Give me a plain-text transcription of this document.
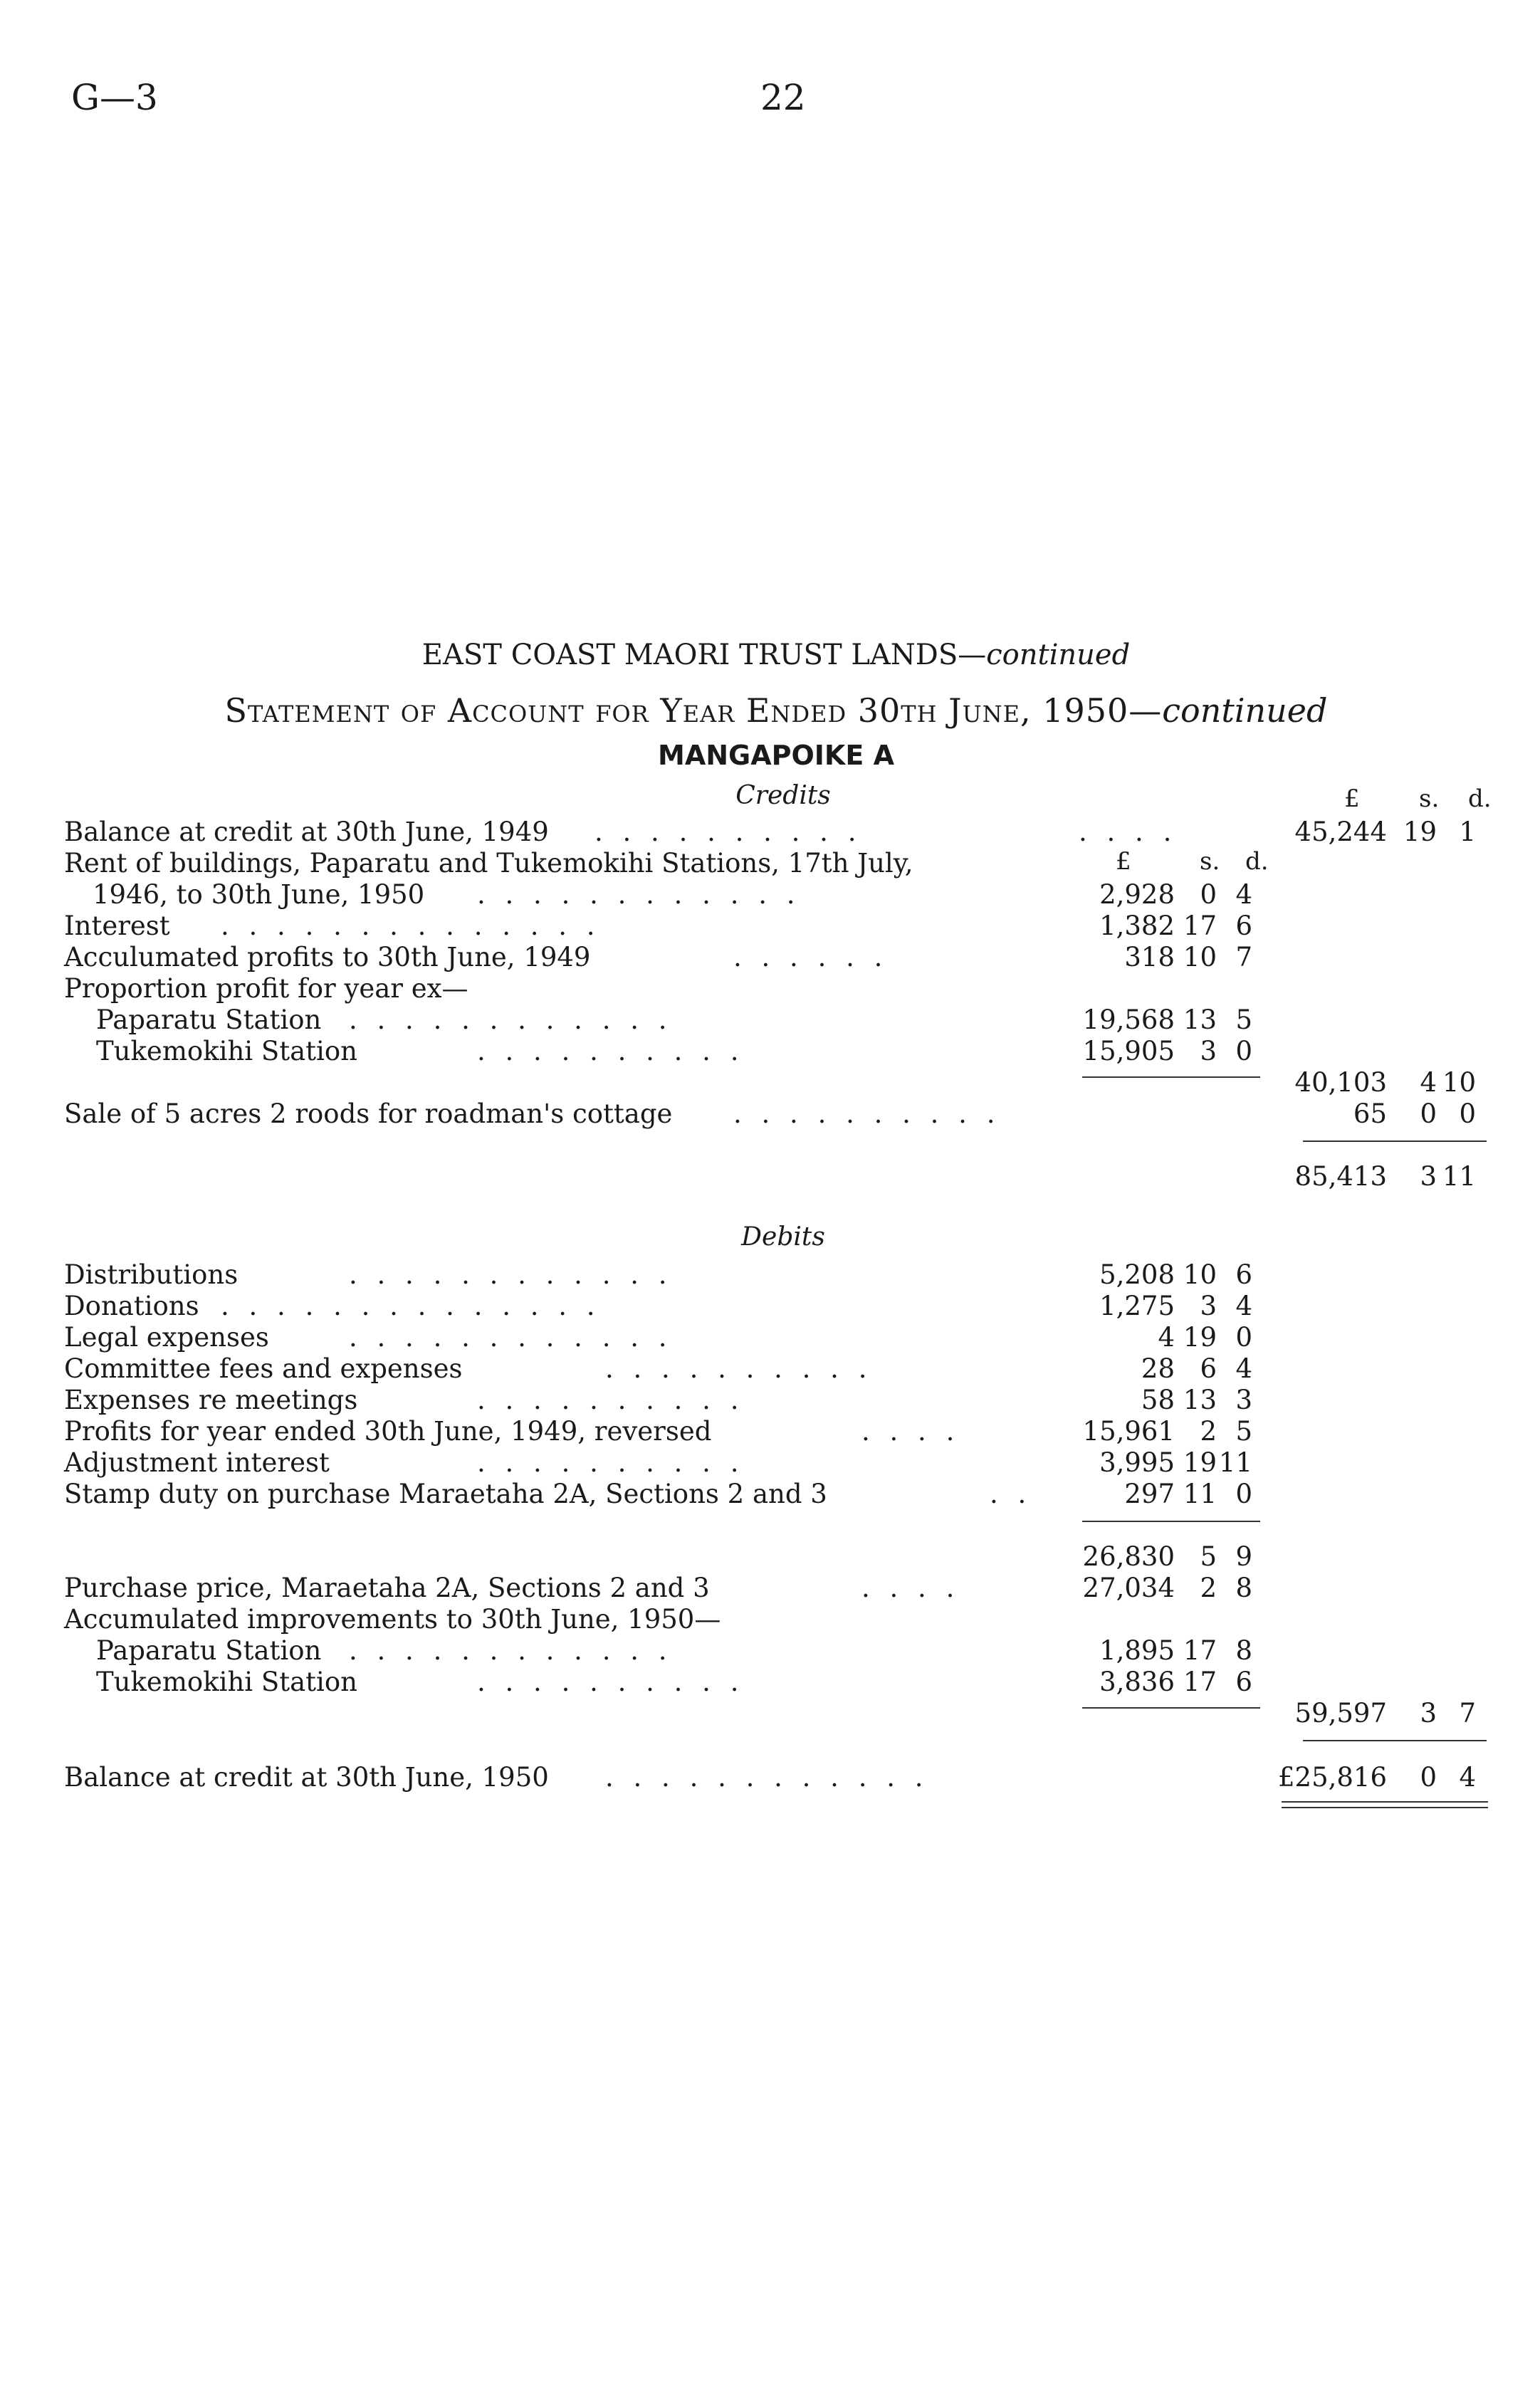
G—3	22
EAST COAST MAORI TRUST LANDS—continued
Statement of Account for Year Ended 30th June, 1950—continued
MANGAPOIKE A
Credits	£ s. d.
£	s. d.
Balance at credit at 30th June, 1949 . . . . . . . . . .	. . . .	45,244 19 1
Rent of buildings, Paparatu and Tukemokihi Stations, 17th July,
1946, to 30th June, 1950 . . . . . . . . . . . .	2,928 0 4
Interest . . . . . . . . . . . . . .	1,382 17 6
Acculumated profits to 30th June, 1949	. . . . . .	318 10 7
Proportion profit for year ex—
Paparatu Station . . . . . . . . . . . .	19,568 13 5
Tukemokihi Station	. . . . . . . . . .	15,905 3 0
40,103 4 10
Sale of 5 acres 2 roods for roadman's cottage . . . . . . . . . .	65 0 0
85,413 3 11
Debits
Distributions	. . . . . . . . . . . .	5,208 10 6
Donations . . . . . . . . . . . . . .	1,275 3 4
Legal expenses	. . . . . . . . . . . .	4 19 0
Committee fees and expenses	. . . . . . . . . .	28 6 4
Expenses re meetings	. . . . . . . . . .	58 13 3
Profits for year ended 30th June, 1949, reversed	. . . .	15,961 2 5
Adjustment interest	. . . . . . . . . .	3,995 19 11
Stamp duty on purchase Maraetaha 2A, Sections 2 and 3	. .	297 11 0
26,830 5 9
Purchase price, Maraetaha 2A, Sections 2 and 3	. . . .	27,034 2 8
Accumulated improvements to 30th June, 1950—
Paparatu Station . . . . . . . . . . . .	1,895 17 8
Tukemokihi Station	. . . . . . . . . .	3,836 17 6
59,597 3 7
Balance at credit at 30th June, 1950 . . . . . . . . . . . .	£25,816 0 4
